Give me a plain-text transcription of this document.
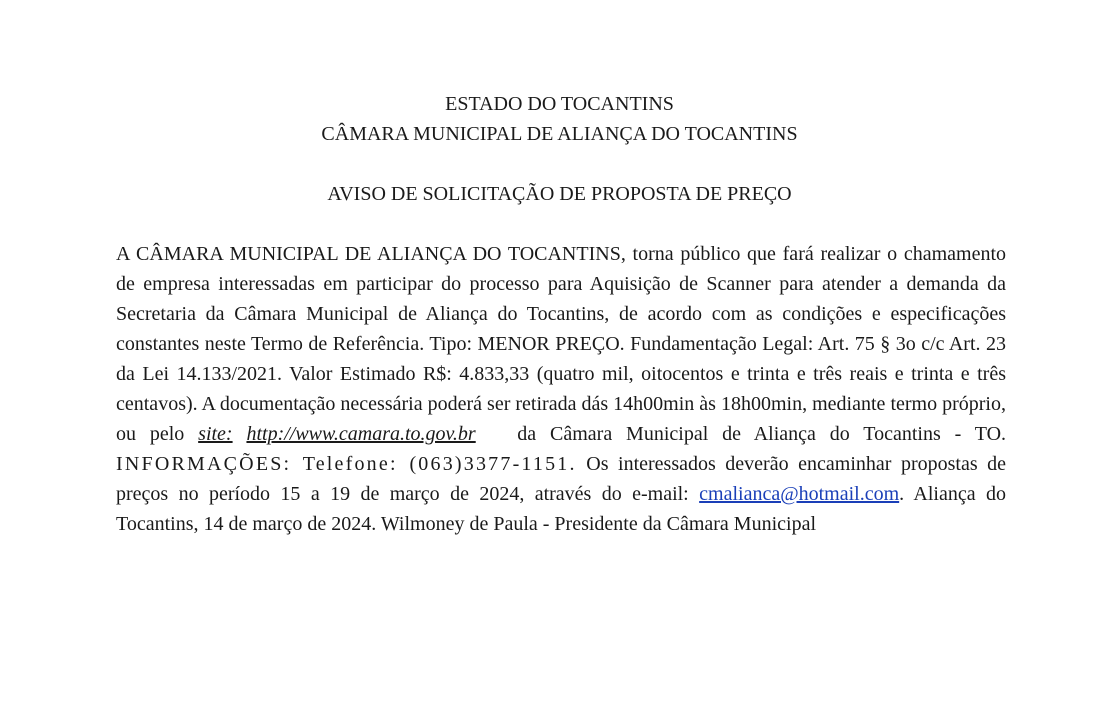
ESTADO DO TOCANTINS
CÂMARA MUNICIPAL DE ALIANÇA DO TOCANTINS
AVISO DE SOLICITAÇÃO DE PROPOSTA DE PREÇO

A CÂMARA MUNICIPAL DE ALIANÇA DO TOCANTINS, torna público que fará realizar o chamamento de empresa interessadas em participar do processo para Aquisição de Scanner para atender a demanda da Secretaria da Câmara Municipal de Aliança do Tocantins, de acordo com as condições e especificações constantes neste Termo de Referência. Tipo: MENOR PREÇO. Fundamentação Legal: Art. 75 § 3o c/c Art. 23 da Lei 14.133/2021. Valor Estimado R$: 4.833,33 (quatro mil, oitocentos e trinta e três reais e trinta e três centavos). A documentação necessária poderá ser retirada dás 14h00min às 18h00min, mediante termo próprio, ou pelo site: http://www.camara.to.gov.br da Câmara Municipal de Aliança do Tocantins - TO. INFORMAÇÕES: Telefone: (063)3377-1151. Os interessados deverão encaminhar propostas de preços no período 15 a 19 de março de 2024, através do e-mail: cmalianca@hotmail.com. Aliança do Tocantins, 14 de março de 2024. Wilmoney de Paula - Presidente da Câmara Municipal
